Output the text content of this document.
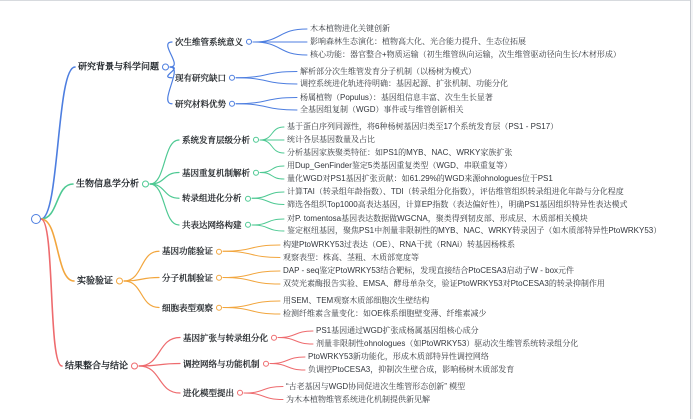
研究背景与科学问题
次生维管系统意义
木本植物进化关键创新
影响森林生态演化：植物高大化、光合能力提升、生态位拓展
核心功能：器官整合+物质运输（初生维管纵向运输，次生维管驱动径向生长/木材形成）
现有研究缺口
解析部分次生维管发育分子机制（以杨树为模式）
调控系统进化轨迹待明确：基因起源、扩张机制、功能分化
研究材料优势
杨属植物（Populus）：基因组信息丰富、次生生长显著
全基因组复制（WGD）事件或与维管创新相关
生物信息学分析
系统发育层级分析
基于蛋白序列同源性，将6种杨树基因归类至17个系统发育层（PS1 - PS17）
统计各层基因数量及占比
分析基因家族聚类特征：如PS1的MYB、NAC、WRKY家族扩张
基因重复机制解析
用Dup_GenFinder鉴定5类基因重复类型（WGD、串联重复等）
量化WGD对PS1基因扩张贡献：如61.29%的WGD来源ohnologues位于PS1
转录组进化分析
计算TAI（转录组年龄指数）、TDI（转录组分化指数），评估维管组织转录组进化年龄与分化程度
筛选各组织Top1000高表达基因，计算EP指数（表达偏好性），明确PS1基因组织特异性表达模式
共表达网络构建
对P. tomentosa基因表达数据做WGCNA，聚类得到韧皮部、形成层、木质部相关模块
鉴定枢纽基因，聚焦PS1中剂量非限制性的MYB、NAC、WRKY转录因子（如木质部特异性PtoWRKY53）
实验验证
基因功能验证
构建PtoWRKY53过表达（OE）、RNA干扰（RNAi）转基因杨株系
观察表型：株高、茎粗、木质部宽度等
分子机制验证
DAP - seq鉴定PtoWRKY53结合靶标，发现直接结合PtoCESA3启动子W - box元件
双荧光素酶报告实验、EMSA、酵母单杂交，验证PtoWRKY53对PtoCESA3的转录抑制作用
细胞表型观察
用SEM、TEM观察木质部细胞次生壁结构
检测纤维素含量变化：如OE株系细胞壁变薄、纤维素减少
结果整合与结论
基因扩张与转录组分化
PS1基因通过WGD扩张成杨属基因组核心成分
剂量非限制性ohnologues（如PtoWRKY53）驱动次生维管系统转录组分化
调控网络与功能机制
PtoWRKY53新功能化，形成木质部特异性调控网络
负调控PtoCESA3，抑制次生壁合成，影响杨树木质部发育
进化模型提出
“古老基因与WGD协同促进次生维管形态创新” 模型
为木本植物维管系统进化机制提供新见解
